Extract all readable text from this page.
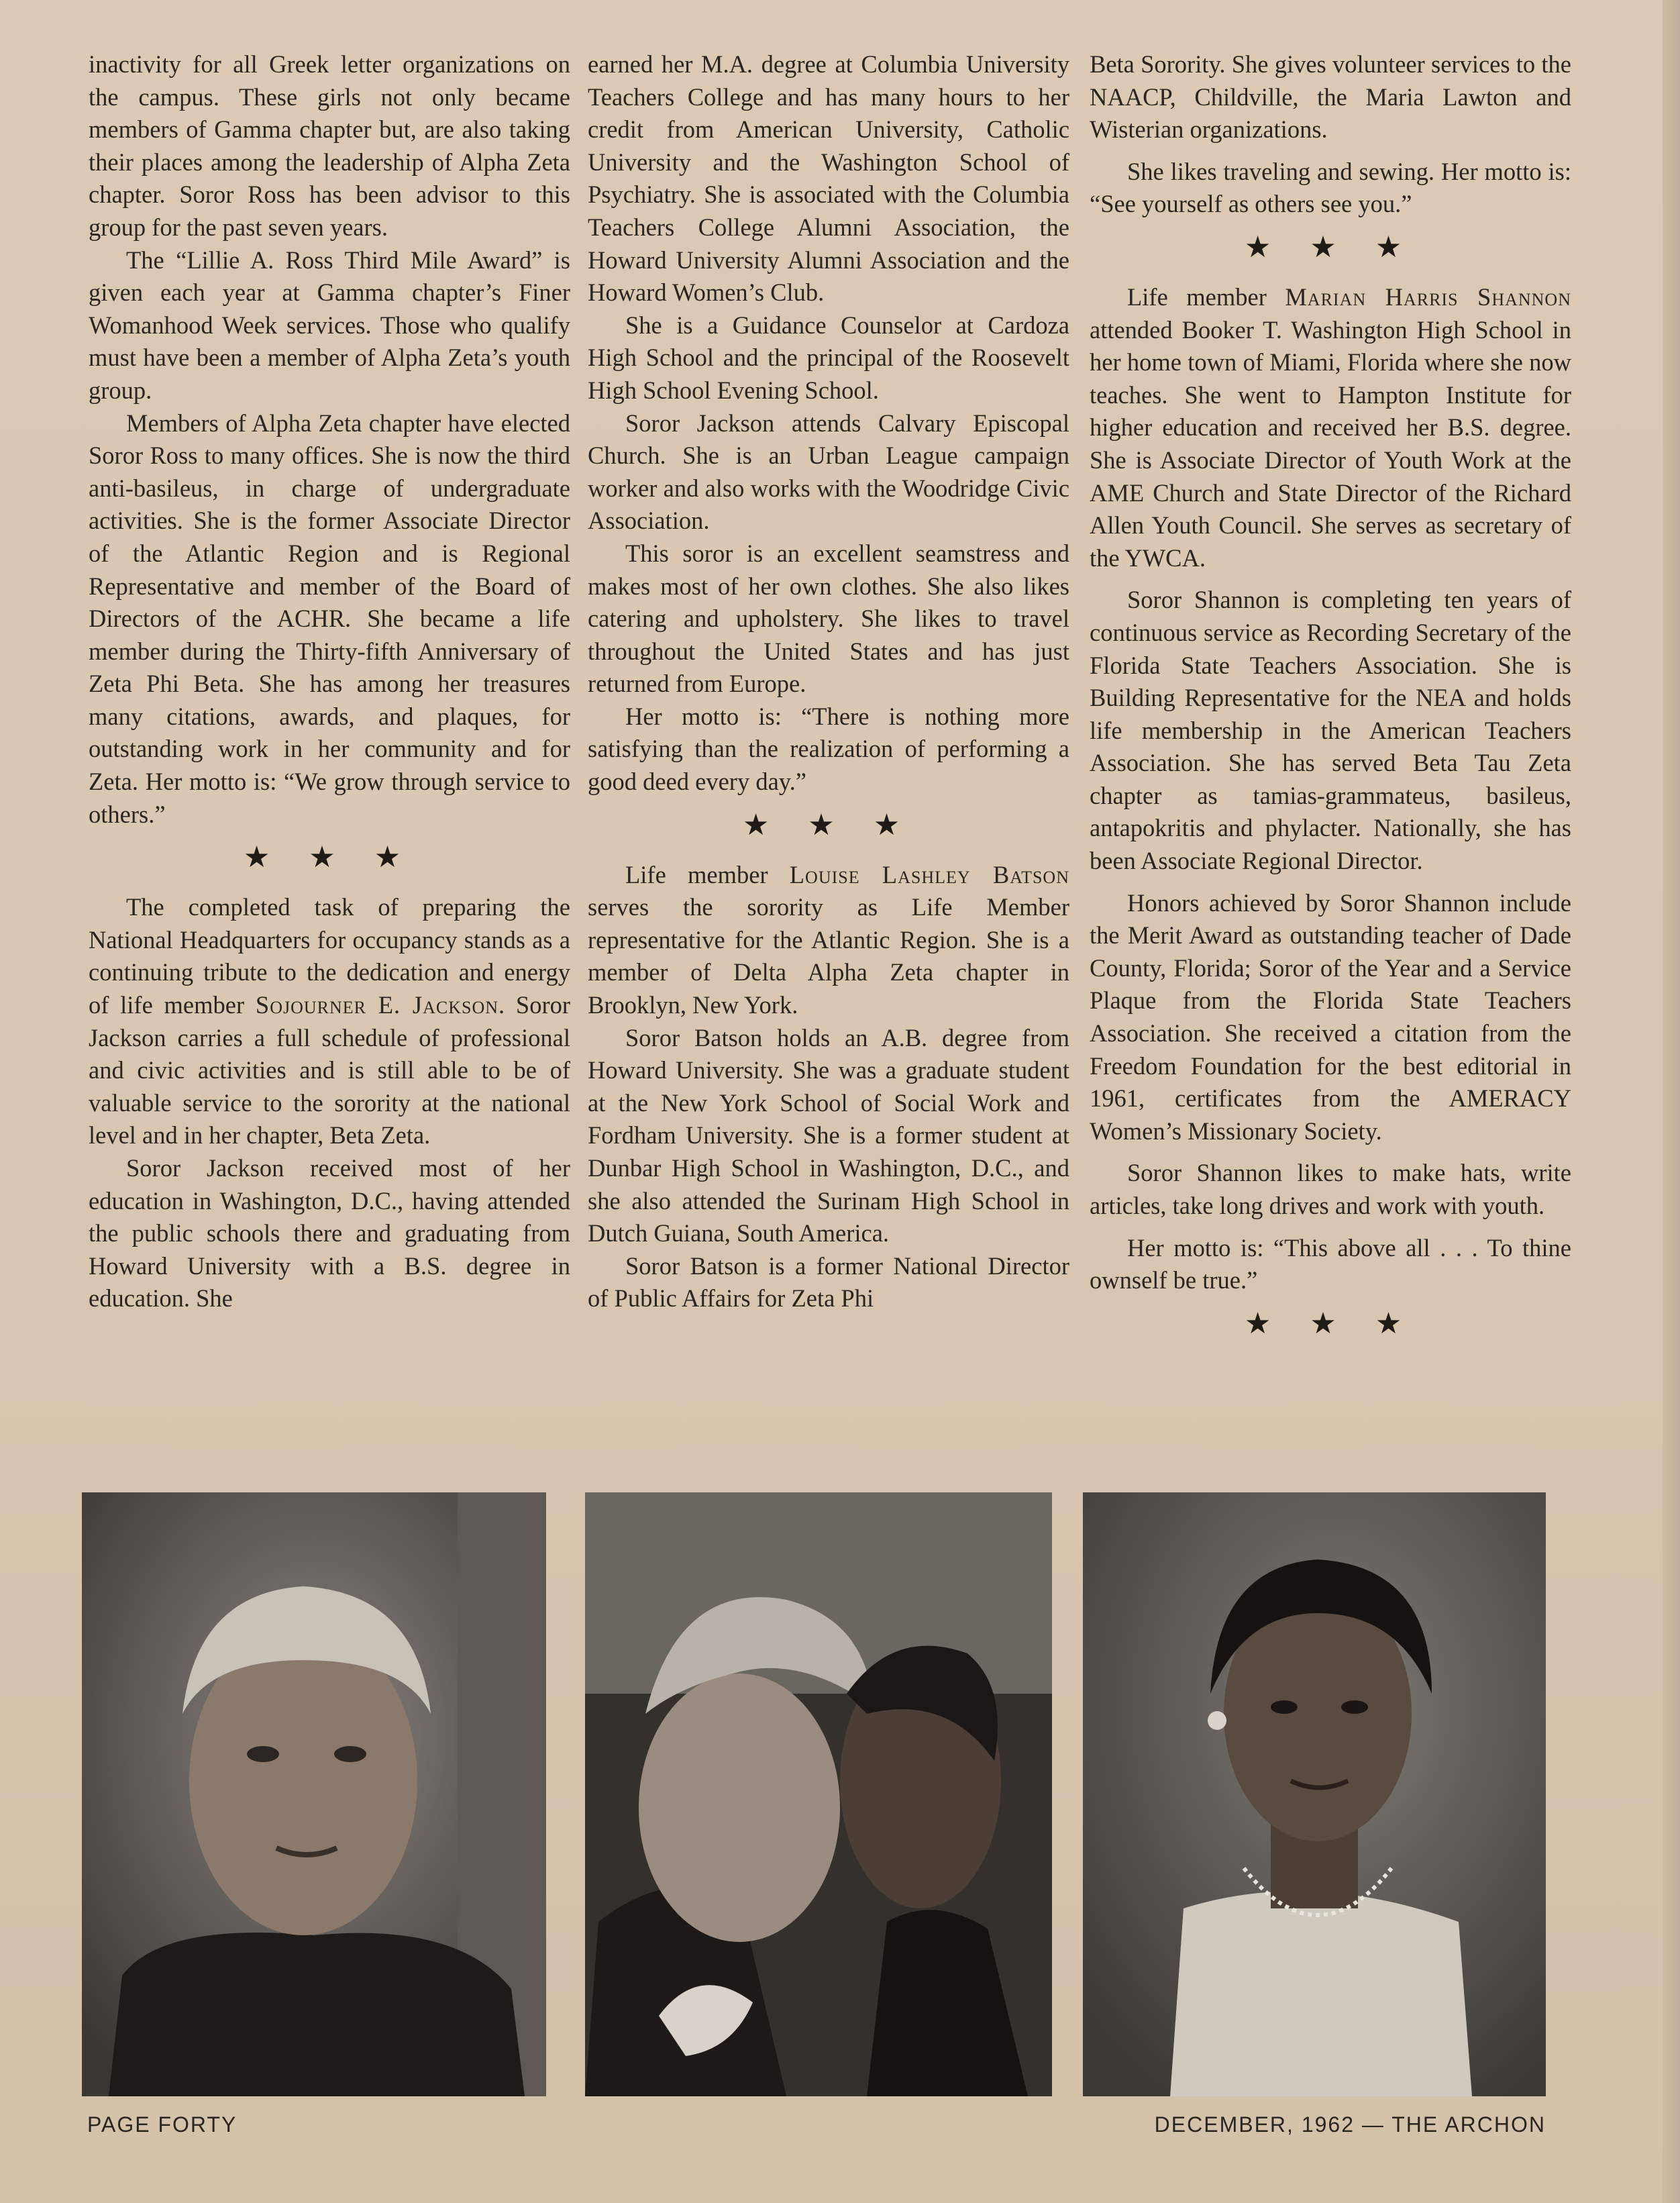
inactivity for all Greek letter organizations on the campus. These girls not only became members of Gamma chapter but, are also taking their places among the leadership of Alpha Zeta chapter. Soror Ross has been advisor to this group for the past seven years.

The “Lillie A. Ross Third Mile Award” is given each year at Gamma chapter’s Finer Womanhood Week services. Those who qualify must have been a member of Alpha Zeta’s youth group.

Members of Alpha Zeta chapter have elected Soror Ross to many offices. She is now the third anti-basileus, in charge of undergraduate activities. She is the former Associate Director of the Atlantic Region and is Regional Representative and member of the Board of Directors of the ACHR. She became a life member during the Thirty-fifth Anniversary of Zeta Phi Beta. She has among her treasures many citations, awards, and plaques, for outstanding work in her community and for Zeta. Her motto is: “We grow through service to others.”

★ ★ ★

The completed task of preparing the National Headquarters for occupancy stands as a continuing tribute to the dedication and energy of life member Sojourner E. Jackson. Soror Jackson carries a full schedule of professional and civic activities and is still able to be of valuable service to the sorority at the national level and in her chapter, Beta Zeta.

Soror Jackson received most of her education in Washington, D.C., having attended the public schools there and graduating from Howard University with a B.S. degree in education. She

earned her M.A. degree at Columbia University Teachers College and has many hours to her credit from American University, Catholic University and the Washington School of Psychiatry. She is associated with the Columbia Teachers College Alumni Association, the Howard University Alumni Association and the Howard Women’s Club.

She is a Guidance Counselor at Cardoza High School and the principal of the Roosevelt High School Evening School.

Soror Jackson attends Calvary Episcopal Church. She is an Urban League campaign worker and also works with the Woodridge Civic Association.

This soror is an excellent seamstress and makes most of her own clothes. She also likes catering and upholstery. She likes to travel throughout the United States and has just returned from Europe.

Her motto is: “There is nothing more satisfying than the realization of performing a good deed every day.”

★ ★ ★

Life member Louise Lashley Batson serves the sorority as Life Member representative for the Atlantic Region. She is a member of Delta Alpha Zeta chapter in Brooklyn, New York.

Soror Batson holds an A.B. degree from Howard University. She was a graduate student at the New York School of Social Work and Fordham University. She is a former student at Dunbar High School in Washington, D.C., and she also attended the Surinam High School in Dutch Guiana, South America.

Soror Batson is a former National Director of Public Affairs for Zeta Phi

Beta Sorority. She gives volunteer services to the NAACP, Childville, the Maria Lawton and Wisterian organizations.

She likes traveling and sewing. Her motto is: “See yourself as others see you.”

★ ★ ★

Life member Marian Harris Shannon attended Booker T. Washington High School in her home town of Miami, Florida where she now teaches. She went to Hampton Institute for higher education and received her B.S. degree. She is Associate Director of Youth Work at the AME Church and State Director of the Richard Allen Youth Council. She serves as secretary of the YWCA.

Soror Shannon is completing ten years of continuous service as Recording Secretary of the Florida State Teachers Association. She is Building Representative for the NEA and holds life membership in the American Teachers Association. She has served Beta Tau Zeta chapter as tamias-grammateus, basileus, antapokritis and phylacter. Nationally, she has been Associate Regional Director.

Honors achieved by Soror Shannon include the Merit Award as outstanding teacher of Dade County, Florida; Soror of the Year and a Service Plaque from the Florida State Teachers Association. She received a citation from the Freedom Foundation for the best editorial in 1961, certificates from the AMERACY Women’s Missionary Society.

Soror Shannon likes to make hats, write articles, take long drives and work with youth.

Her motto is: “This above all . . . To thine ownself be true.”

★ ★ ★
PAGE FORTY	DECEMBER, 1962 — THE ARCHON
